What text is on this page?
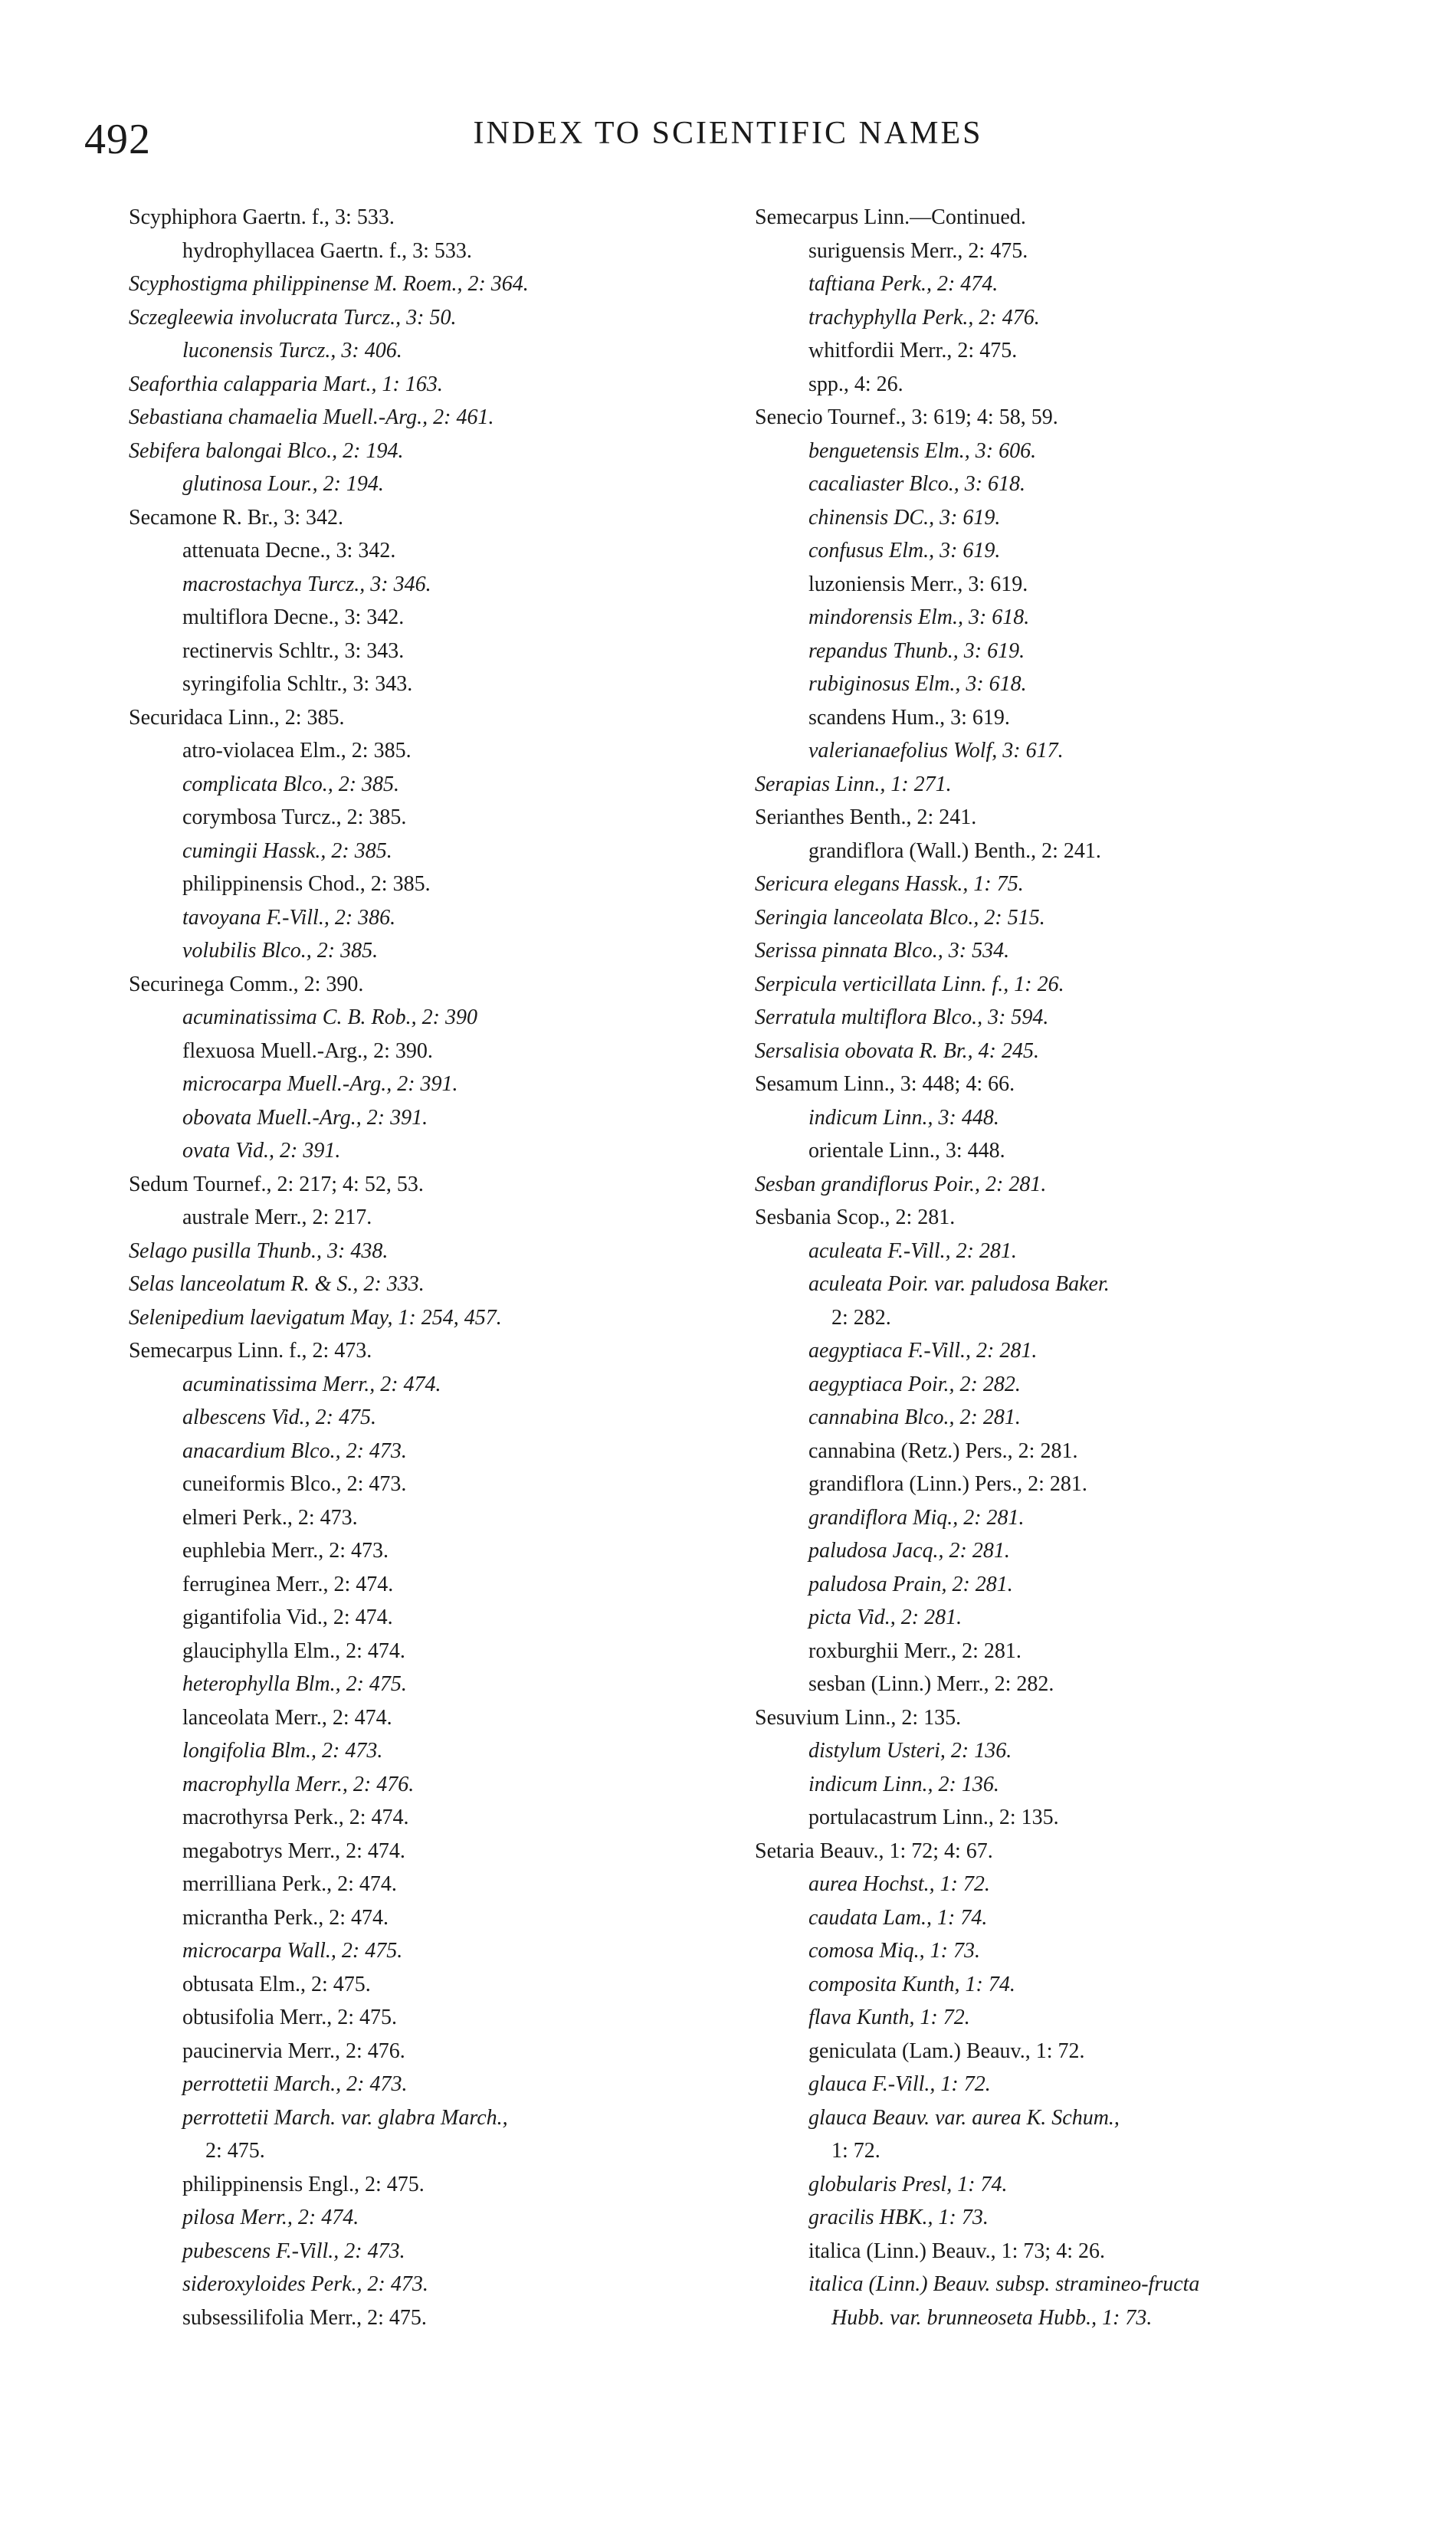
492	INDEX TO SCIENTIFIC NAMES
Scyphiphora Gaertn. f., 3: 533.
hydrophyllacea Gaertn. f., 3: 533.
Scyphostigma philippinense M. Roem., 2: 364.
Sczegleewia involucrata Turcz., 3: 50.
luconensis Turcz., 3: 406.
Seaforthia calapparia Mart., 1: 163.
Sebastiana chamaelia Muell.-Arg., 2: 461.
Sebifera balongai Blco., 2: 194.
glutinosa Lour., 2: 194.
Secamone R. Br., 3: 342.
attenuata Decne., 3: 342.
macrostachya Turcz., 3: 346.
multiflora Decne., 3: 342.
rectinervis Schltr., 3: 343.
syringifolia Schltr., 3: 343.
Securidaca Linn., 2: 385.
atro-violacea Elm., 2: 385.
complicata Blco., 2: 385.
corymbosa Turcz., 2: 385.
cumingii Hassk., 2: 385.
philippinensis Chod., 2: 385.
tavoyana F.-Vill., 2: 386.
volubilis Blco., 2: 385.
Securinega Comm., 2: 390.
acuminatissima C. B. Rob., 2: 390
flexuosa Muell.-Arg., 2: 390.
microcarpa Muell.-Arg., 2: 391.
obovata Muell.-Arg., 2: 391.
ovata Vid., 2: 391.
Sedum Tournef., 2: 217; 4: 52, 53.
australe Merr., 2: 217.
Selago pusilla Thunb., 3: 438.
Selas lanceolatum R. & S., 2: 333.
Selenipedium laevigatum May, 1: 254, 457.
Semecarpus Linn. f., 2: 473.
acuminatissima Merr., 2: 474.
albescens Vid., 2: 475.
anacardium Blco., 2: 473.
cuneiformis Blco., 2: 473.
elmeri Perk., 2: 473.
euphlebia Merr., 2: 473.
ferruginea Merr., 2: 474.
gigantifolia Vid., 2: 474.
glauciphylla Elm., 2: 474.
heterophylla Blm., 2: 475.
lanceolata Merr., 2: 474.
longifolia Blm., 2: 473.
macrophylla Merr., 2: 476.
macrothyrsa Perk., 2: 474.
megabotrys Merr., 2: 474.
merrilliana Perk., 2: 474.
micrantha Perk., 2: 474.
microcarpa Wall., 2: 475.
obtusata Elm., 2: 475.
obtusifolia Merr., 2: 475.
paucinervia Merr., 2: 476.
perrottetii March., 2: 473.
perrottetii March. var. glabra March.,
2: 475.
philippinensis Engl., 2: 475.
pilosa Merr., 2: 474.
pubescens F.-Vill., 2: 473.
sideroxyloides Perk., 2: 473.
subsessilifolia Merr., 2: 475.
Semecarpus Linn.—Continued.
suriguensis Merr., 2: 475.
taftiana Perk., 2: 474.
trachyphylla Perk., 2: 476.
whitfordii Merr., 2: 475.
spp., 4: 26.
Senecio Tournef., 3: 619; 4: 58, 59.
benguetensis Elm., 3: 606.
cacaliaster Blco., 3: 618.
chinensis DC., 3: 619.
confusus Elm., 3: 619.
luzoniensis Merr., 3: 619.
mindorensis Elm., 3: 618.
repandus Thunb., 3: 619.
rubiginosus Elm., 3: 618.
scandens Hum., 3: 619.
valerianaefolius Wolf, 3: 617.
Serapias Linn., 1: 271.
Serianthes Benth., 2: 241.
grandiflora (Wall.) Benth., 2: 241.
Sericura elegans Hassk., 1: 75.
Seringia lanceolata Blco., 2: 515.
Serissa pinnata Blco., 3: 534.
Serpicula verticillata Linn. f., 1: 26.
Serratula multiflora Blco., 3: 594.
Sersalisia obovata R. Br., 4: 245.
Sesamum Linn., 3: 448; 4: 66.
indicum Linn., 3: 448.
orientale Linn., 3: 448.
Sesban grandiflorus Poir., 2: 281.
Sesbania Scop., 2: 281.
aculeata F.-Vill., 2: 281.
aculeata Poir. var. paludosa Baker.
2: 282.
aegyptiaca F.-Vill., 2: 281.
aegyptiaca Poir., 2: 282.
cannabina Blco., 2: 281.
cannabina (Retz.) Pers., 2: 281.
grandiflora (Linn.) Pers., 2: 281.
grandiflora Miq., 2: 281.
paludosa Jacq., 2: 281.
paludosa Prain, 2: 281.
picta Vid., 2: 281.
roxburghii Merr., 2: 281.
sesban (Linn.) Merr., 2: 282.
Sesuvium Linn., 2: 135.
distylum Usteri, 2: 136.
indicum Linn., 2: 136.
portulacastrum Linn., 2: 135.
Setaria Beauv., 1: 72; 4: 67.
aurea Hochst., 1: 72.
caudata Lam., 1: 74.
comosa Miq., 1: 73.
composita Kunth, 1: 74.
flava Kunth, 1: 72.
geniculata (Lam.) Beauv., 1: 72.
glauca F.-Vill., 1: 72.
glauca Beauv. var. aurea K. Schum.,
1: 72.
globularis Presl, 1: 74.
gracilis HBK., 1: 73.
italica (Linn.) Beauv., 1: 73; 4: 26.
italica (Linn.) Beauv. subsp. stramineo-fructa
Hubb. var. brunneoseta Hubb., 1: 73.
